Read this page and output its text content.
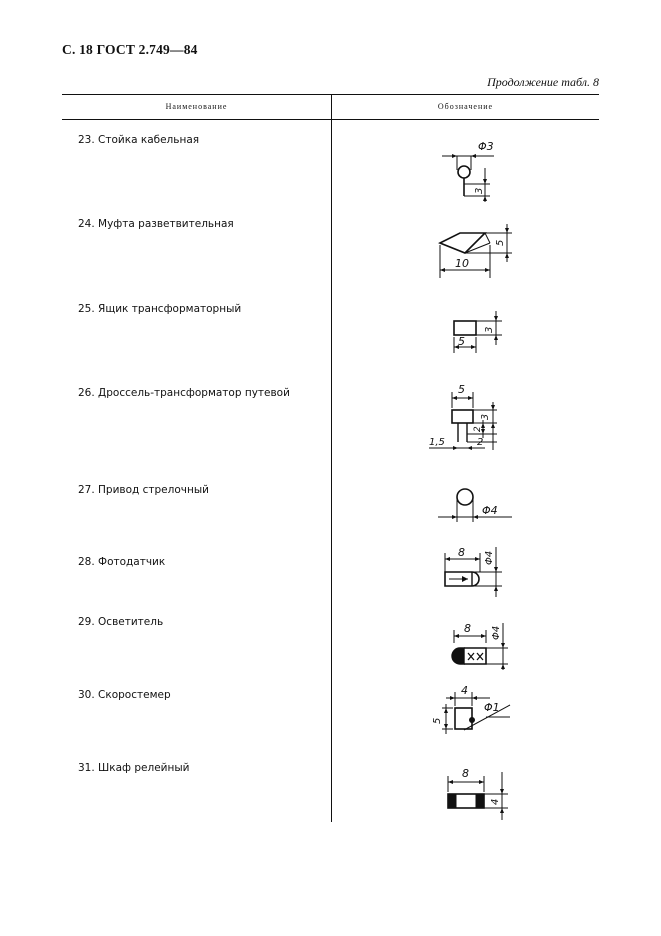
С. 18 ГОСТ 2.749—84
Продолжение табл. 8
Наименование	Обозначение
23. Стойка кабельная
24. Муфта разветвительная
25. Ящик трансформаторный
26. Дроссель-трансформатор путевой
27. Привод стрелочный
28. Фотодатчик
29. Осветитель
30. Скоростемер
31. Шкаф релейный
Φ3
3
10
5
5
3
5
3
2
1,5	2
Φ4
8 Φ4
8 Φ4
4
5
Φ1
8
4
